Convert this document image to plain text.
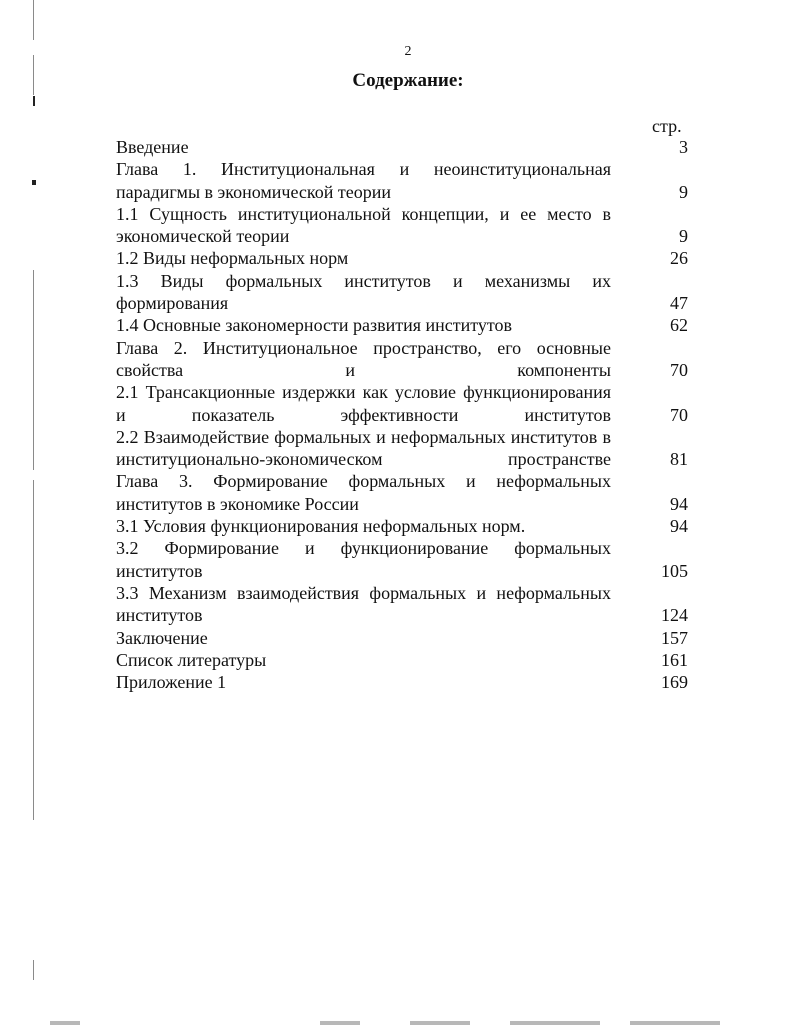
2
Содержание:
стр.
Введение	3
Глава 1. Институциональная и неоинституциональная парадигмы в экономической теории	9
1.1 Сущность институциональной концепции, и ее место в экономической теории	9
1.2 Виды неформальных норм	26
1.3 Виды формальных институтов и механизмы их формирования	47
1.4 Основные закономерности развития институтов	62
Глава 2. Институциональное пространство, его основные свойства и компоненты	70
2.1 Трансакционные издержки как условие функционирования и показатель эффективности институтов	70
2.2 Взаимодействие формальных и неформальных институтов в институционально-экономическом пространстве	81
Глава 3. Формирование формальных и неформальных институтов в экономике России	94
3.1 Условия функционирования неформальных норм.	94
3.2 Формирование и функционирование формальных институтов	105
3.3 Механизм взаимодействия формальных и неформальных институтов	124
Заключение	157
Список литературы	161
Приложение 1	169
